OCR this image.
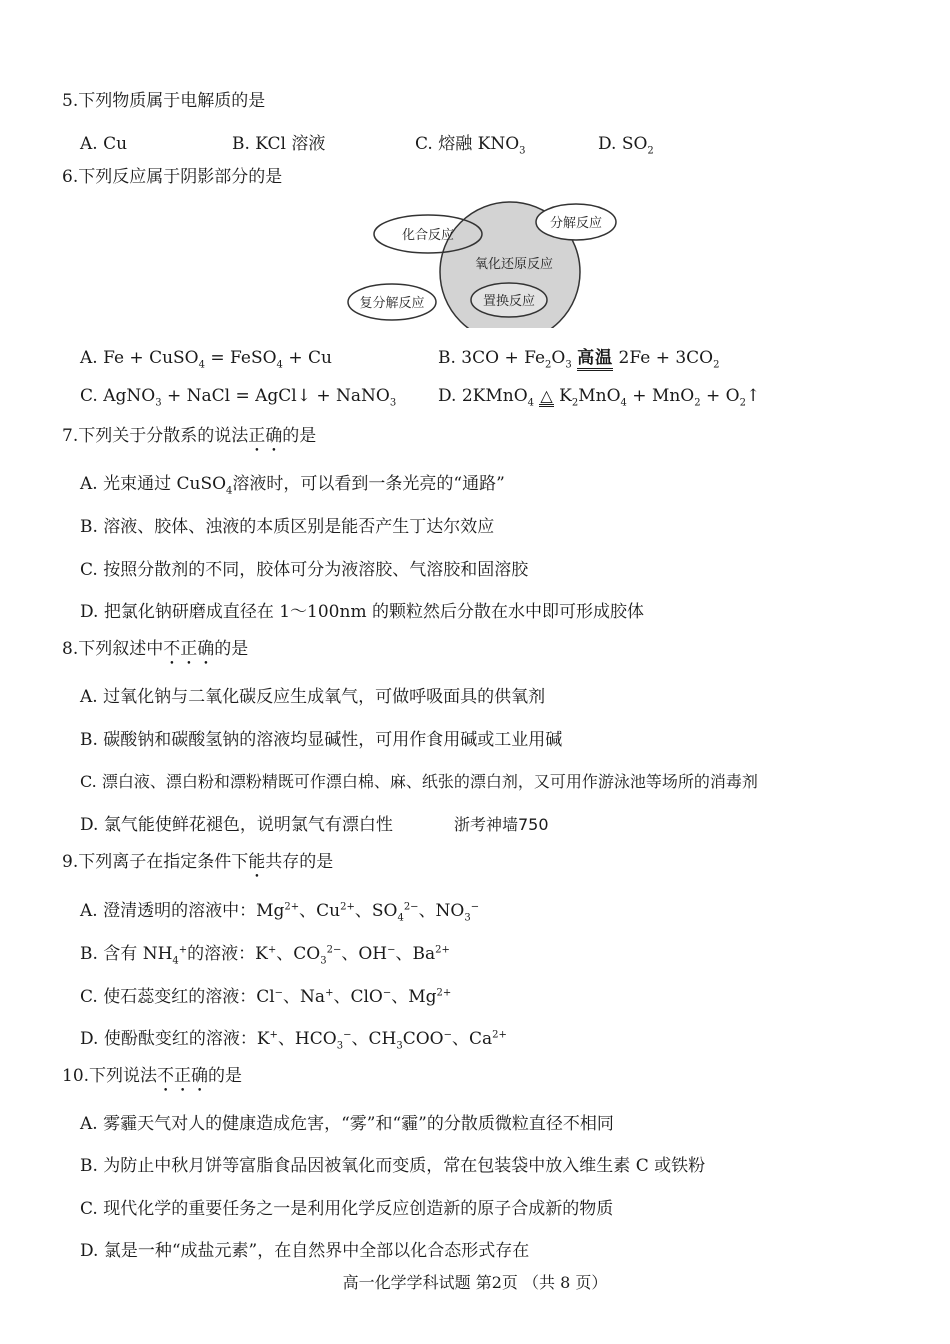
5.下列物质属于电解质的是
A. Cu	B. KCl 溶液	C. 熔融 $KNO_3$	D. $SO_2$
6.下列反应属于阴影部分的是
化合反应
分解反应
氧化还原反应
复分解反应	置换反应
A. Fe + CuSO$_4$ = FeSO$_4$ + Cu	B. $3CO + Fe_2O_3$ 高温 $2Fe + 3CO_2$
C. AgNO$_3$ + NaCl = AgCl↓ + NaNO$_3$ D. 2KMnO$_4$ △ $K_2MnO_4 + MnO_2$ + $O_2↑$
7.下列关于分散系的说法正确的是
A. 光束通过 CuSO$_4$溶液时，可以看到一条光亮的“通路”
B. 溶液、胶体、浊液的本质区别是能否产生丁达尔效应
C. 按照分散剂的不同，胶体可分为液溶胶、气溶胶和固溶胶
D. 把氯化钠研磨成直径在 1～100nm 的颗粒然后分散在水中即可形成胶体
8.下列叙述中不正确的是
A. 过氧化钠与二氧化碳反应生成氧气，可做呼吸面具的供氧剂
B. 碳酸钠和碳酸氢钠的溶液均显碱性，可用作食用碱或工业用碱
C. 漂白液、漂白粉和漂粉精既可作漂白棉、麻、纸张的漂白剂，又可用作游泳池等场所的消毒剂
D. 氯气能使鲜花褪色，说明氯气有漂白性	浙考神墙750
9.下列离子在指定条件下能共存的是
A. 澄清透明的溶液中：$Mg^{2+}$、$Cu^{2+}$、$SO_4^{2-}$、$NO_3^-$
B. 含有 $NH_4^+$的溶液：K+、$CO_3^{2-}$、OH−、$Ba^{2+}$
C. 使石蕊变红的溶液：Cl−、Na+、ClO−、$Mg^{2+}$
D. 使酚酞变红的溶液：K+、$HCO_3^-$、$CH_3COO^-$、$Ca^{2+}$
10.下列说法不正确的是
A. 雾霾天气对人的健康造成危害，“雾”和“霾”的分散质微粒直径不相同
B. 为防止中秋月饼等富脂食品因被氧化而变质，常在包装袋中放入维生素 C 或铁粉
C. 现代化学的重要任务之一是利用化学反应创造新的原子合成新的物质
D. 氯是一种“成盐元素”，在自然界中全部以化合态形式存在
高一化学学科试题 第2页 （共 8 页）
